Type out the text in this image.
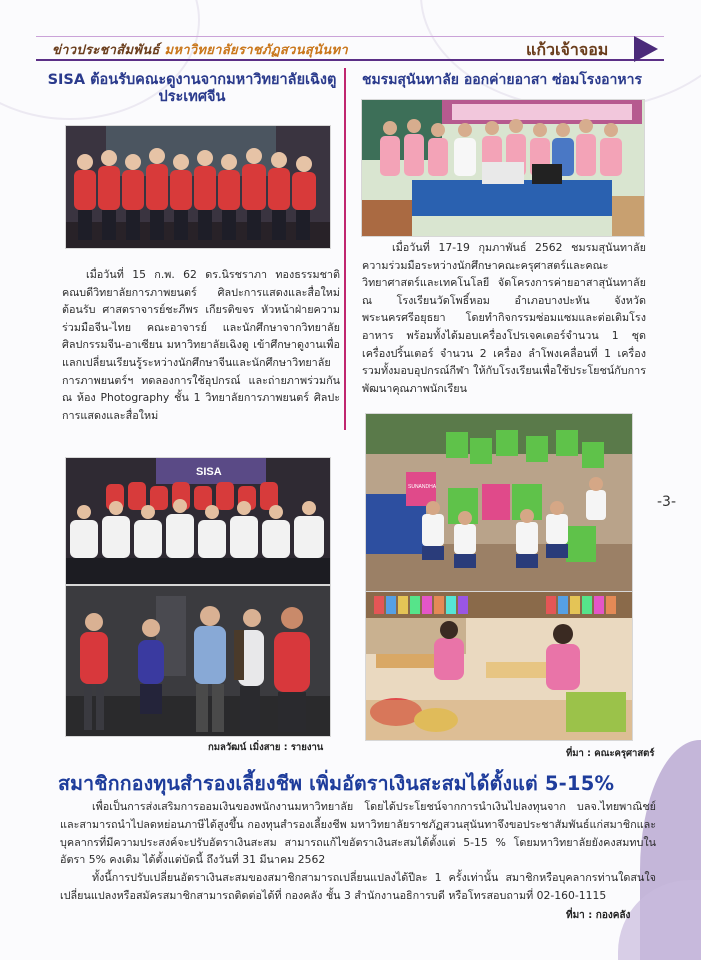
ข่าวประชาสัมพันธ์ มหาวิทยาลัยราชภัฏสวนสุนันทา	แก้วเจ้าจอม
SISA ต้อนรับคณะดูงานจากมหาวิทยาลัยเฉิงตู ประเทศจีน
เมื่อวันที่ 15 ก.พ. 62 ดร.นิรชราภา ทองธรรมชาติ คณบดีวิทยาลัยการภาพยนตร์ ศิลปะการแสดงและสื่อใหม่ ต้อนรับ ศาสตราจารย์ชะภีพร เกียรติขจร หัวหน้าฝ่ายความร่วมมือจีน-ไทย คณะอาจารย์ และนักศึกษาจากวิทยาลัยศิลปกรรมจีน-อาเซียน มหาวิทยาลัยเฉิงตู เข้าศึกษาดูงานเพื่อแลกเปลี่ยนเรียนรู้ระหว่างนักศึกษาจีนและนักศึกษาวิทยาลัยการภาพยนตร์ฯ ทดลองการใช้อุปกรณ์ และถ่ายภาพร่วมกัน ณ ห้อง Photography ชั้น 1 วิทยาลัยการภาพยนตร์ ศิลปะการแสดงและสื่อใหม่
SISA
กมลวัฒน์ เมิ่งสาย : รายงาน
ชมรมสุนันทาลัย ออกค่ายอาสา ซ่อมโรงอาหาร
เมื่อวันที่ 17-19 กุมภาพันธ์ 2562 ชมรมสุนันทาลัย ความร่วมมือระหว่างนักศึกษาคณะครุศาสตร์และคณะวิทยาศาสตร์และเทคโนโลยี จัดโครงการค่ายอาสาสุนันทาลัย ณ โรงเรียนวัดโพธิ์หอม อำเภอบางปะหัน จังหวัดพระนครศรีอยุธยา โดยทำกิจกรรมซ่อมแซมและต่อเติมโรงอาหาร พร้อมทั้งได้มอบเครื่องโปรเจคเตอร์จำนวน 1 ชุด เครื่องปริ้นเตอร์ จำนวน 2 เครื่อง ลำโพงเคลื่อนที่ 1 เครื่อง รวมทั้งมอบอุปกรณ์กีฬา ให้กับโรงเรียนเพื่อใช้ประโยชน์กับการพัฒนาคุณภาพนักเรียน
SUNANDHA
ที่มา : คณะครุศาสตร์
-3-
สมาชิกกองทุนสำรองเลี้ยงชีพ เพิ่มอัตราเงินสะสมได้ตั้งแต่ 5-15%

เพื่อเป็นการส่งเสริมการออมเงินของพนักงานมหาวิทยาลัย โดยได้ประโยชน์จากการนำเงินไปลงทุนจาก บลจ.ไทยพาณิชย์ และสามารถนำไปลดหย่อนภาษีได้สูงขึ้น กองทุนสำรองเลี้ยงชีพ มหาวิทยาลัยราชภัฏสวนสุนันทาจึงขอประชาสัมพันธ์แก่สมาชิกและบุคลากรที่มีความประสงค์จะปรับอัตราเงินสะสม สามารถแก้ไขอัตราเงินสะสมได้ตั้งแต่ 5-15 % โดยมหาวิทยาลัยยังคงสมทบในอัตรา 5% คงเดิม ได้ตั้งแต่บัดนี้ ถึงวันที่ 31 มีนาคม 2562

ทั้งนี้การปรับเปลี่ยนอัตราเงินสะสมของสมาชิกสามารถเปลี่ยนแปลงได้ปีละ 1 ครั้งเท่านั้น สมาชิกหรือบุคลากรท่านใดสนใจเปลี่ยนแปลงหรือสมัครสมาชิกสามารถติดต่อได้ที่ กองคลัง ชั้น 3 สำนักงานอธิการบดี หรือโทรสอบถามที่ 02-160-1115

ที่มา : กองคลัง
